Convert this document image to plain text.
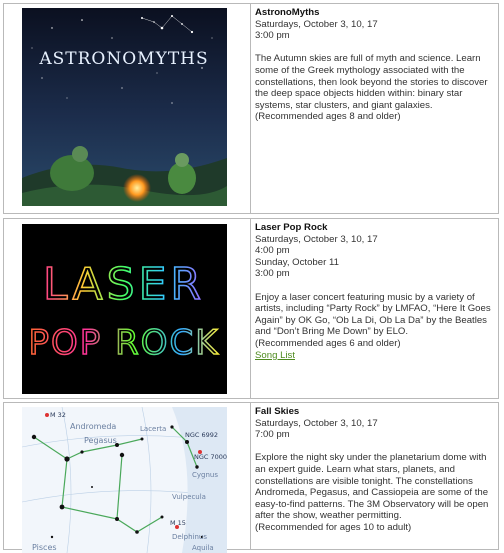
ASTRONOMYTHS
AstronoMyths
Saturdays, October 3, 10, 17
3:00 pm
The Autumn skies are full of myth and science. Learn some of the Greek mythology associated with the constellations, then look beyond the stories to discover the deep space objects hidden within: binary star systems, star clusters, and giant galaxies.
(Recommended ages 8 and older)
LASER
POP ROCK
Laser Pop Rock
Saturdays, October 3, 10, 17
4:00 pm
Sunday, October 11
3:00 pm
Enjoy a laser concert featuring music by a variety of artists, including “Party Rock” by LMFAO, “Here It Goes Again” by OK Go, “Ob La Di, Ob La Da” by the Beatles and “Don’t Bring Me Down” by ELO.
(Recommended ages 6 and older)
Song List
M 32
Andromeda	Lacerta
Pegasus
NGC 6992
NGC 7000
Cygnus
Vulpecula
M 15
Delphinus
Pisces	Aquila
Fall Skies
Saturdays, October 3, 10, 17
7:00 pm
Explore the night sky under the planetarium dome with an expert guide. Learn what stars, planets, and constellations are visible tonight. The constellations Andromeda, Pegasus, and Cassiopeia are some of the easy-to-find patterns. The 3M Observatory will be open after the show, weather permitting.
(Recommended for ages 10 to adult)
